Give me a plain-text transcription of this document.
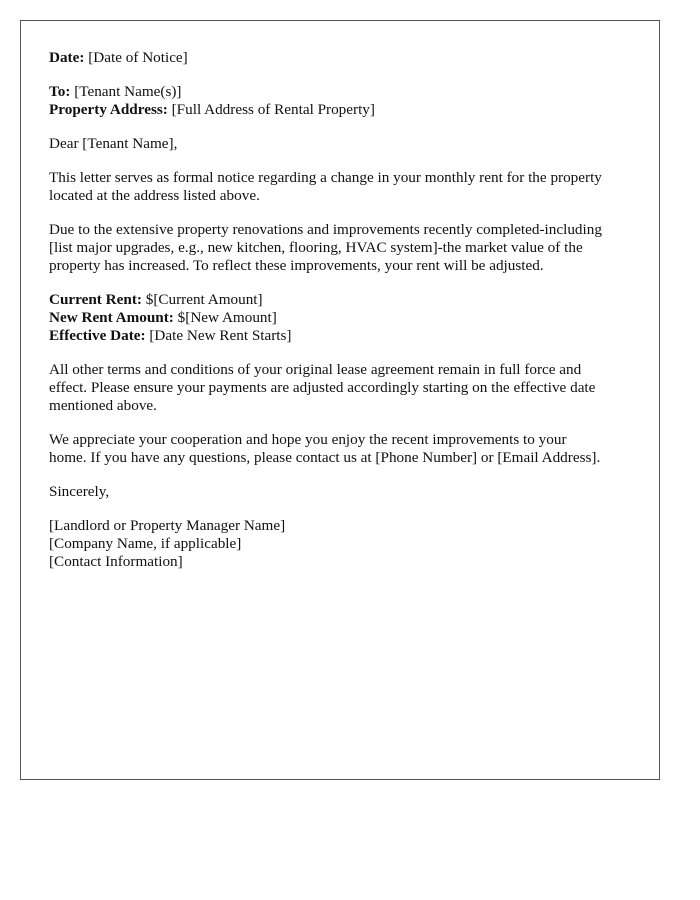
Date: [Date of Notice]
To: [Tenant Name(s)]
Property Address: [Full Address of Rental Property]
Dear [Tenant Name],
This letter serves as formal notice regarding a change in your monthly rent for the property
located at the address listed above.
Due to the extensive property renovations and improvements recently completed-including
[list major upgrades, e.g., new kitchen, flooring, HVAC system]-the market value of the
property has increased. To reflect these improvements, your rent will be adjusted.
Current Rent: $[Current Amount]
New Rent Amount: $[New Amount]
Effective Date: [Date New Rent Starts]
All other terms and conditions of your original lease agreement remain in full force and
effect. Please ensure your payments are adjusted accordingly starting on the effective date
mentioned above.
We appreciate your cooperation and hope you enjoy the recent improvements to your
home. If you have any questions, please contact us at [Phone Number] or [Email Address].
Sincerely,
[Landlord or Property Manager Name]
[Company Name, if applicable]
[Contact Information]
